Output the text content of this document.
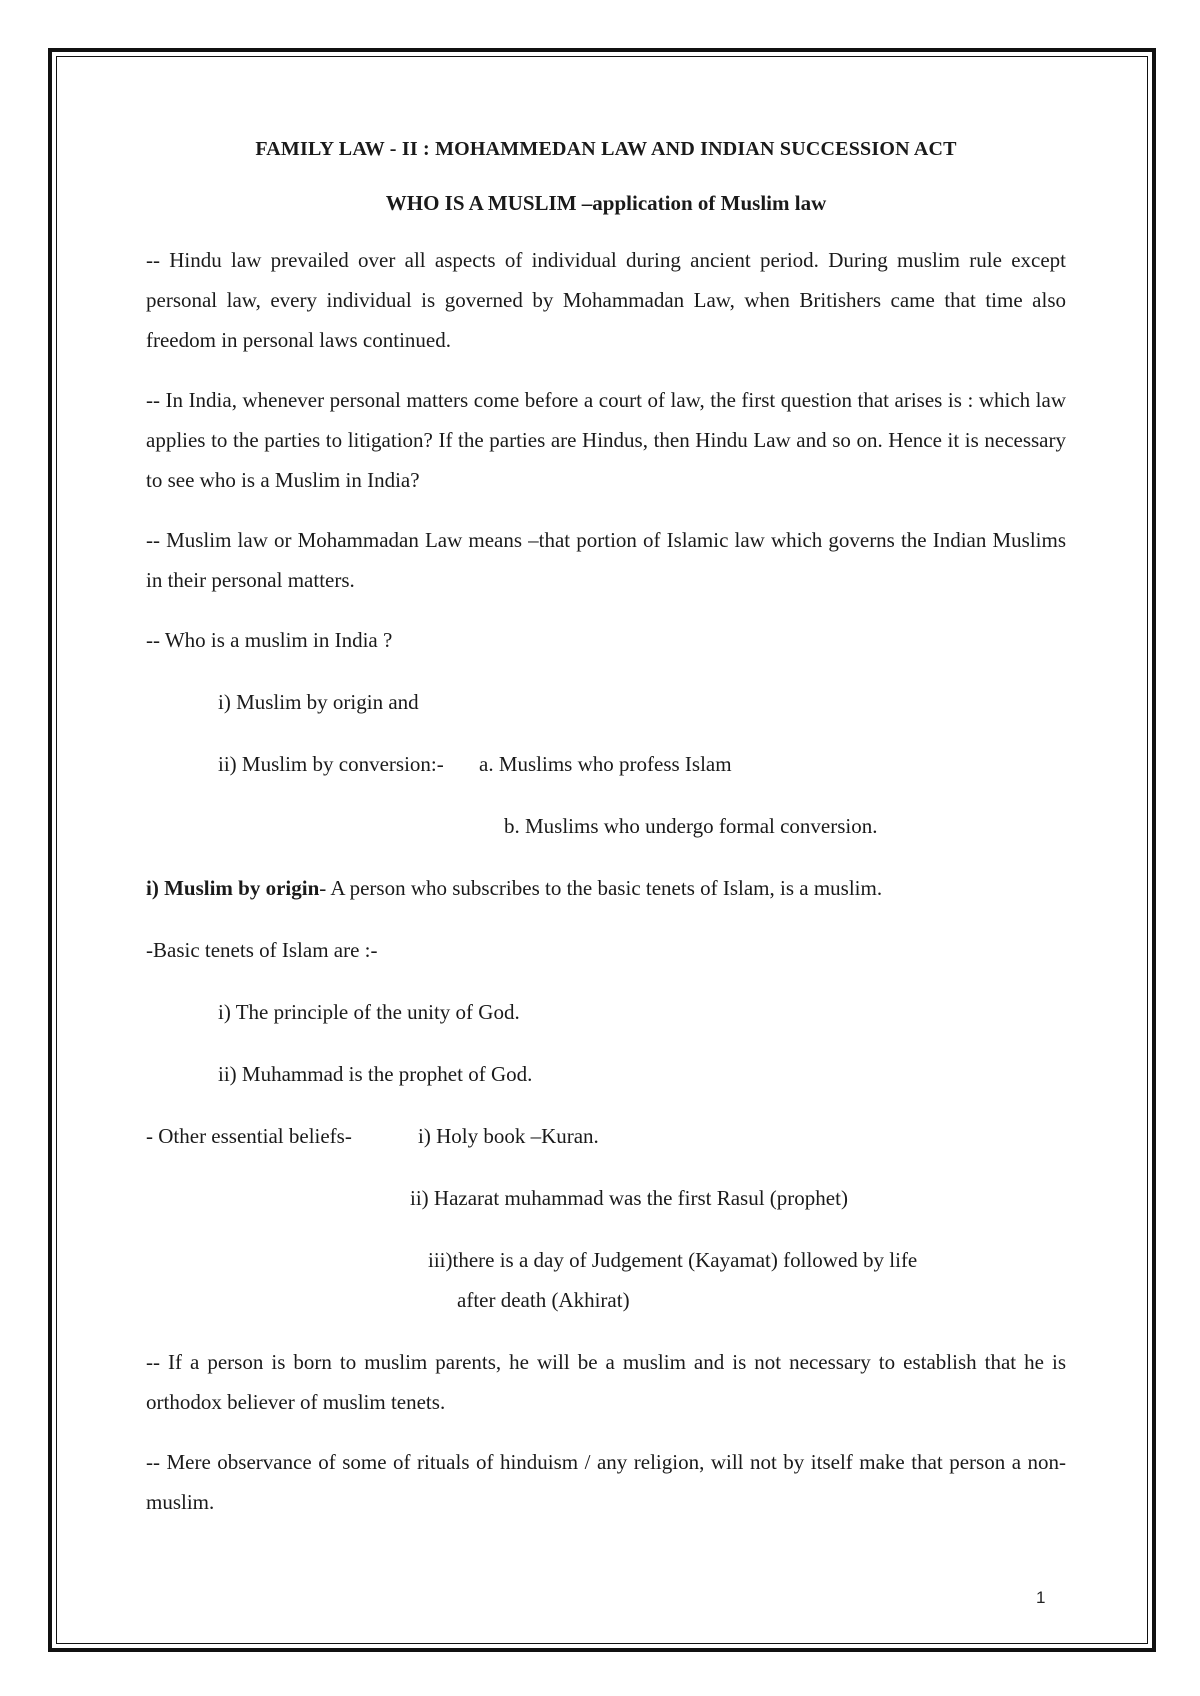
FAMILY LAW - II : MOHAMMEDAN LAW AND INDIAN SUCCESSION ACT
WHO IS A MUSLIM –application of Muslim law

-- Hindu law prevailed over all aspects of individual during ancient period. During muslim rule except personal law, every individual is governed by Mohammadan Law, when Britishers came that time also freedom in personal laws continued.

-- In India, whenever personal matters come before a court of law, the first question that arises is : which law applies to the parties to litigation? If the parties are Hindus, then Hindu Law and so on. Hence it is necessary to see who is a Muslim in India?

-- Muslim law or Mohammadan Law means –that portion of Islamic law which governs the Indian Muslims in their personal matters.

-- Who is a muslim in India ?
i) Muslim by origin and
ii) Muslim by conversion:- a. Muslims who profess Islam
b. Muslims who undergo formal conversion.
i) Muslim by origin- A person who subscribes to the basic tenets of Islam, is a muslim.
-Basic tenets of Islam are :-
i) The principle of the unity of God.
ii) Muhammad is the prophet of God.
- Other essential beliefs-	i) Holy book –Kuran.
ii) Hazarat muhammad was the first Rasul (prophet)
iii)there is a day of Judgement (Kayamat) followed by life
after death (Akhirat)

-- If a person is born to muslim parents, he will be a muslim and is not necessary to establish that he is orthodox believer of muslim tenets.

-- Mere observance of some of rituals of hinduism / any religion, will not by itself make that person a non-muslim.

1
